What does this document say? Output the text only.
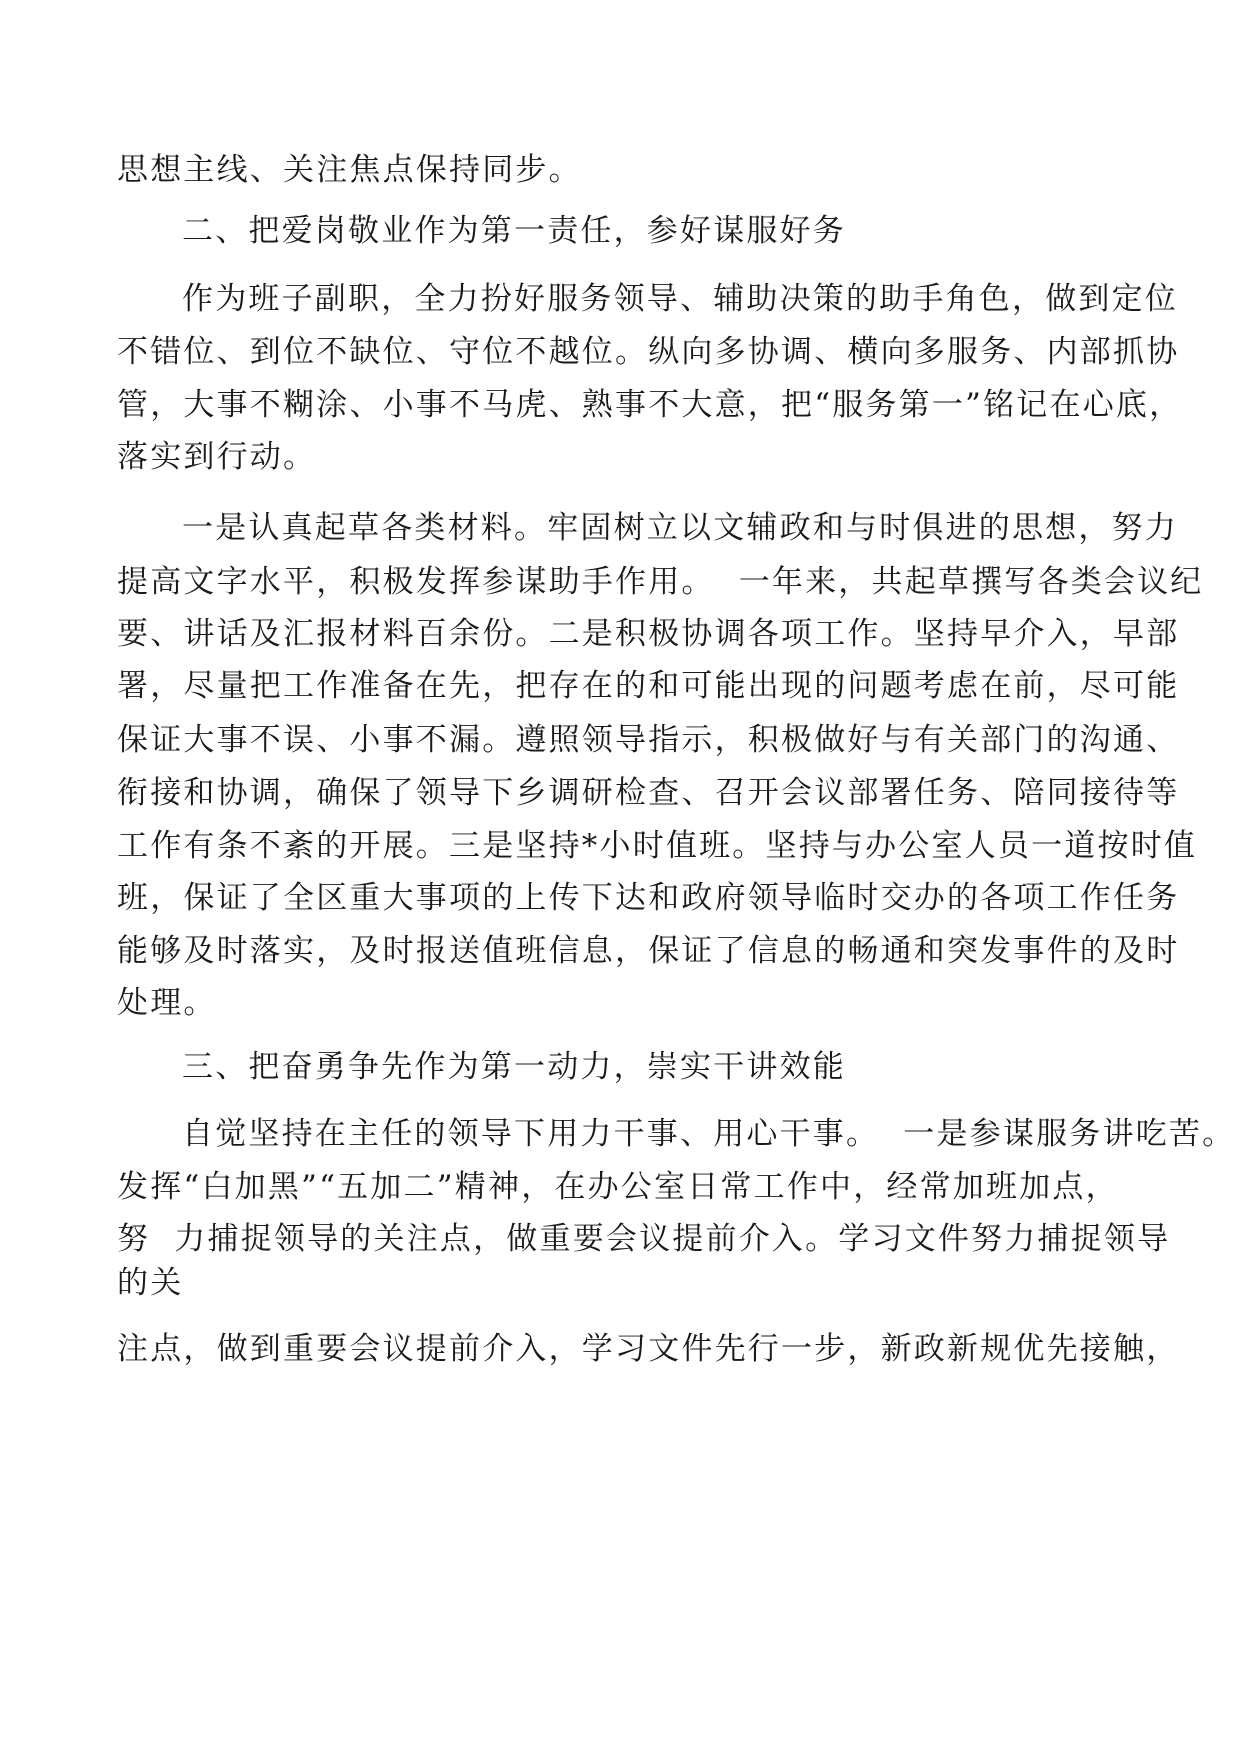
思想主线、关注焦点保持同步。
二、把爱岗敬业作为第一责任，参好谋服好务
作为班子副职，全力扮好服务领导、辅助决策的助手角色，做到定位
不错位、到位不缺位、守位不越位。纵向多协调、横向多服务、内部抓协
管，大事不糊涂、小事不马虎、熟事不大意，把“服务第一”铭记在心底，
落实到行动。
一是认真起草各类材料。牢固树立以文辅政和与时俱进的思想，努力
提高文字水平，积极发挥参谋助手作用。  一年来，共起草撰写各类会议纪
要、讲话及汇报材料百余份。二是积极协调各项工作。坚持早介入，早部
署，尽量把工作准备在先，把存在的和可能出现的问题考虑在前，尽可能
保证大事不误、小事不漏。遵照领导指示，积极做好与有关部门的沟通、
衔接和协调，确保了领导下乡调研检查、召开会议部署任务、陪同接待等
工作有条不紊的开展。三是坚持*小时值班。坚持与办公室人员一道按时值
班，保证了全区重大事项的上传下达和政府领导临时交办的各项工作任务
能够及时落实，及时报送值班信息，保证了信息的畅通和突发事件的及时
处理。
三、把奋勇争先作为第一动力，崇实干讲效能
自觉坚持在主任的领导下用力干事、用心干事。  一是参谋服务讲吃苦。
发挥“白加黑”“五加二”精神，在办公室日常工作中，经常加班加点，
努  力捕捉领导的关注点，做重要会议提前介入。学习文件努力捕捉领导
的关
注点，做到重要会议提前介入，学习文件先行一步，新政新规优先接触，
